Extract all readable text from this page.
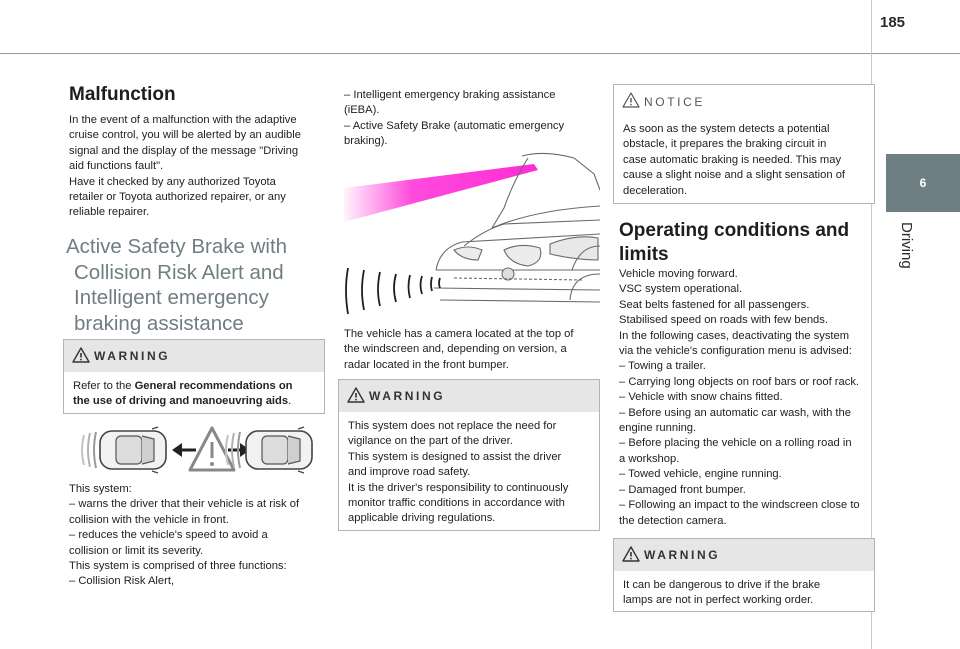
185
6
Driving
Malfunction
In the event of a malfunction with the adaptive
cruise control, you will be alerted by an audible
signal and the display of the message "Driving
aid functions fault".
Have it checked by any authorized Toyota
retailer or Toyota authorized repairer, or any
reliable repairer.
Active Safety Brake with
Collision Risk Alert and
Intelligent emergency
braking assistance
WARNING
Refer to the General recommendations on
the use of driving and manoeuvring aids.
This system:
– warns the driver that their vehicle is at risk of
collision with the vehicle in front.
– reduces the vehicle's speed to avoid a
collision or limit its severity.
This system is comprised of three functions:
– Collision Risk Alert,
– Intelligent emergency braking assistance
(iEBA).
– Active Safety Brake (automatic emergency
braking).
The vehicle has a camera located at the top of
the windscreen and, depending on version, a
radar located in the front bumper.
WARNING
This system does not replace the need for
vigilance on the part of the driver.
This system is designed to assist the driver
and improve road safety.
It is the driver's responsibility to continuously
monitor traffic conditions in accordance with
applicable driving regulations.
NOTICE
As soon as the system detects a potential
obstacle, it prepares the braking circuit in
case automatic braking is needed. This may
cause a slight noise and a slight sensation of
deceleration.
Operating conditions and
limits
Vehicle moving forward.
VSC system operational.
Seat belts fastened for all passengers.
Stabilised speed on roads with few bends.
In the following cases, deactivating the system
via the vehicle's configuration menu is advised:
– Towing a trailer.
– Carrying long objects on roof bars or roof rack.
– Vehicle with snow chains fitted.
– Before using an automatic car wash, with the
engine running.
– Before placing the vehicle on a rolling road in
a workshop.
– Towed vehicle, engine running.
– Damaged front bumper.
– Following an impact to the windscreen close to
the detection camera.
WARNING
It can be dangerous to drive if the brake
lamps are not in perfect working order.
